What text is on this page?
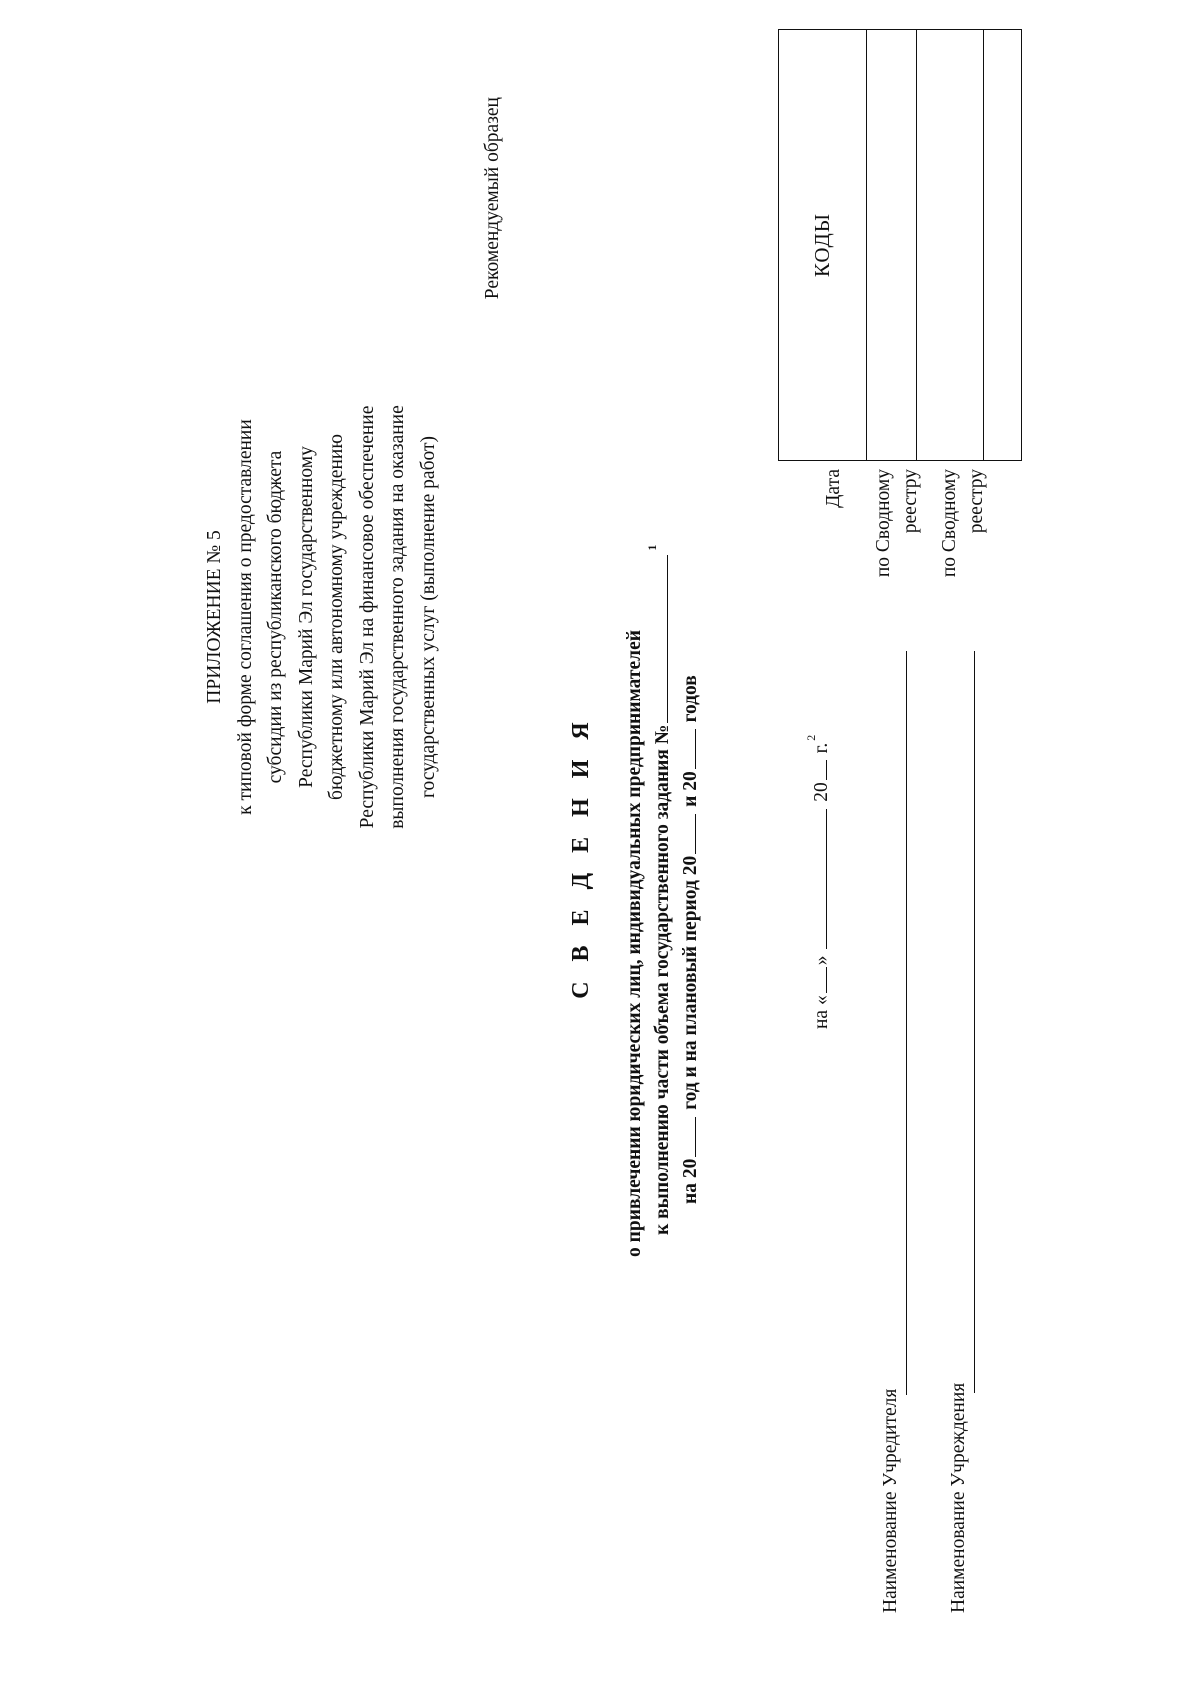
ПРИЛОЖЕНИЕ № 5 к типовой форме соглашения о предоставлении субсидии из республиканского бюджета Республики Марий Эл государственному бюджетному или автономному учреждению Республики Марий Эл на финансовое обеспечение выполнения государственного задания на оказание государственных услуг (выполнение работ)
Рекомендуемый образец
С В Е Д Е Н И Я о привлечении юридических лиц, индивидуальных предпринимателей к выполнению части объема государственного задания №$^1$
на 20 год и на плановый период 20 и 20 годов
на «»  20 г.$^2$
КОДЫ
Дата по Сводному реестру по Сводному реестру
Наименование Учредителя Наименование Учреждения
